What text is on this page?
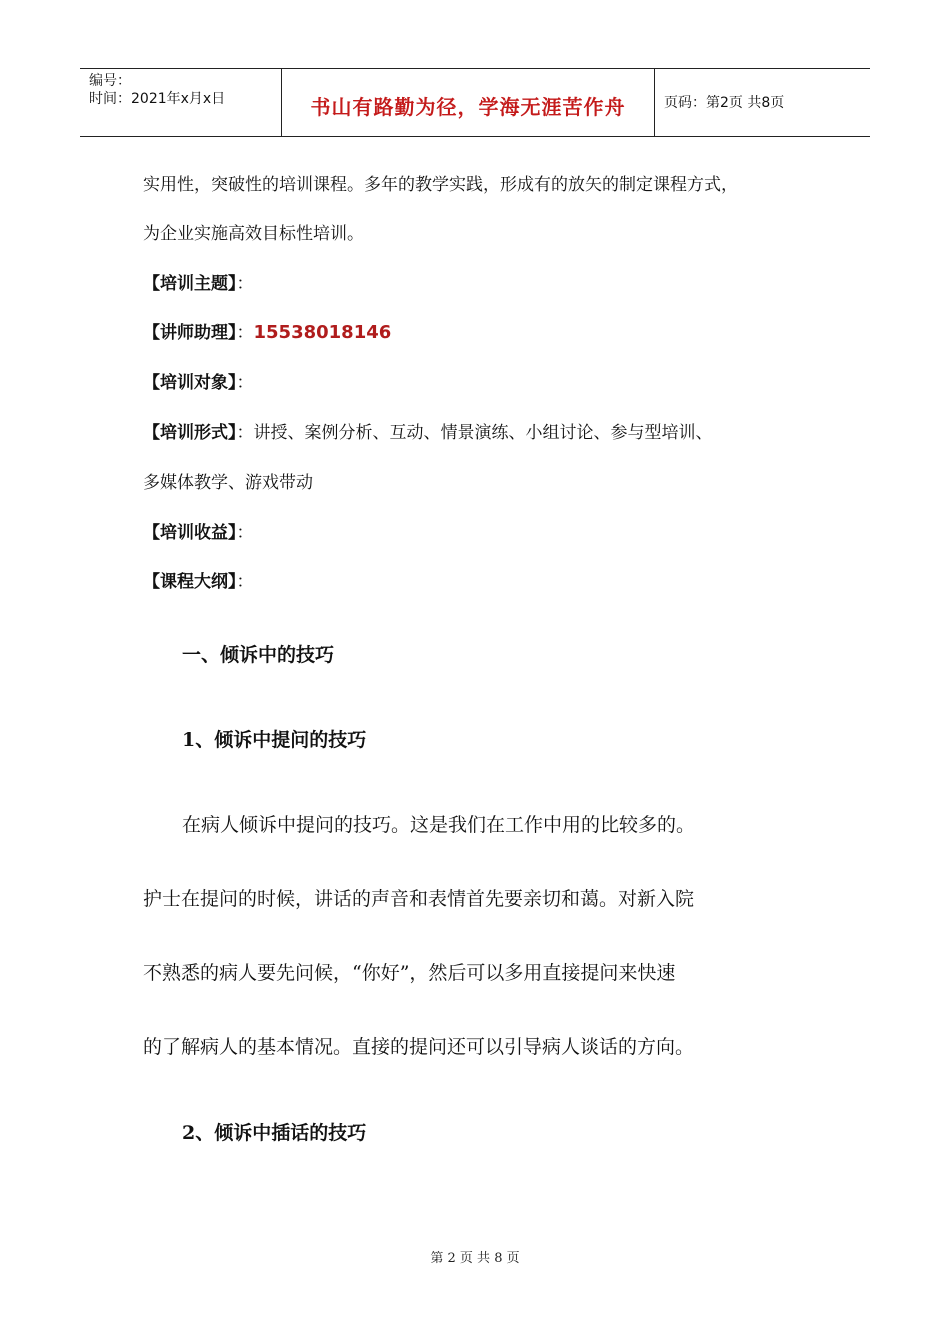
编号：
时间：2021年x月x日	书山有路勤为径，学海无涯苦作舟	页码：第2页 共8页
实用性，突破性的培训课程。多年的教学实践，形成有的放矢的制定课程方式，
为企业实施高效目标性培训。
【培训主题】：
【讲师助理】：15538018146
【培训对象】：
【培训形式】：讲授、案例分析、互动、情景演练、小组讨论、参与型培训、
多媒体教学、游戏带动
【培训收益】：
【课程大纲】：
一、倾诉中的技巧
1、倾诉中提问的技巧
在病人倾诉中提问的技巧。这是我们在工作中用的比较多的。
护士在提问的时候，讲话的声音和表情首先要亲切和蔼。对新入院
不熟悉的病人要先问候，“你好”，然后可以多用直接提问来快速
的了解病人的基本情况。直接的提问还可以引导病人谈话的方向。
2、倾诉中插话的技巧
第 2 页 共 8 页
